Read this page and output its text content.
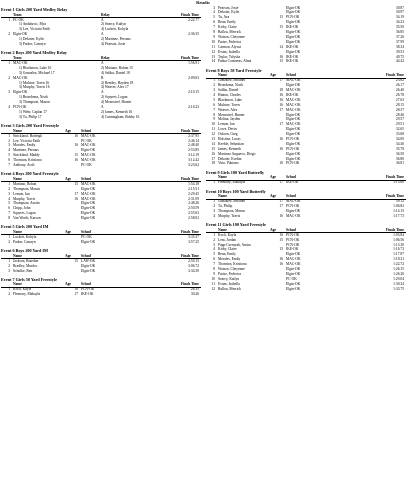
Results
Event 1 Girls 200 Yard Medley Relay
Team	Relay	Finals Time
1 PC-OK	A	2:22.77
1) Andaluvic, Mya	2) Searcy, Katlyn
3) Lee, Victoria Faith	4) Luckett, Kohyla
2 Elgin-OK	A	2:36.35
1) Dekoter, Kylie	2) Martinez, Persaus
3) Parker, Camryn	4) Pearson, Josie
Event 2 Boys 200 Yard Medley Relay
Team	Relay	Finals Time
1 MAC-OK	A	1:56.91
1) Blackmon, Luke 16	2) Mariano, Rohan 15
3) Gonzalez, Michael 17	4) Saliba, Daniel 18
2 MAC-OK	B	2:09.63
1) Mulrine, Toren 16	2) Bentley, Hayden 18
3) Murphy, Travis 16	4) Weaver, Alex 17
3 Elgin-OK	A	2:10.15
1) Brondoma, Noah	2) Squyres, Logan
3) Thompson, Mason	4) Monostrel, Hunter
4 PCN-OK	A	2:16.23
1) Wehr, Caplan 17	2) James, Kenneth 16
3) Tu, Philip 17	4) Cunningham, Bobby 16
Event 3 Girls 200 Yard Freestyle
Name	Age	School	Finals Time
1 Strickland, Harleigh	16 MAC-OK	2:37.95
2 Lee, Victoria Faith	PC-OK	2:46.14
3 Morales, Emily	16 MAC-OK	2:48.40
4 Martinez, Persaus	Elgin-OK	2:53.85
5 Strickland, Maddy	15 MAC-OK	3:12.19
6 Thornton, Kristiona	16 MAC-OK	3:12.42
7 Anthony, Aroli	PC-OK	3:23.62
Event 4 Boys 200 Yard Freestyle
Name	Age	School	Finals Time
1 Mariano, Rohan	15 MAC-OK	1:54.18
2 Thompson, Mason	Elgin-OK	2:15.51
3 Lemon, Ian	17 MAC-OK	2:29.45
4 Murphy, Travis	16 MAC-OK	2:31.09
5 Thompson, Austin	Elgin-OK	2:48.26
6 Chipp, John	Elgin-OK	2:50.59
7 Squyres, Logan	Elgin-OK	2:55.63
8 Van Worth, Karson	Elgin-OK	2:58.02
Event 5 Girls 200 Yard IM
Name	Age	School	Finals Time
1 Luckett, Kohyla	PC-OK	3:35.37
2 Parker, Camryn	Elgin-OK	3:57.25
Event 6 Boys 200 Yard IM
Name	Age	School	Finals Time
1 Jackson, Braedon	15 LAW-OK	2:50.15
2 Bradley, Murdoc	Elgin-OK	3:06.72
3 Schulke, Ben	Elgin-OK	3:34.50
Event 7 Girls 50 Yard Freestyle
Name	Age	School	Finals Time
1 Koch, Kayla	16 PCN-OK	28.35
2 Flenoury, Makayla	17 IKE-OK	30.26
3 Pearson, Josie	Elgin-OK	30.87
4 Dekoter, Kylie	Elgin-OK	30.97
5 Tu, Ava	15 PCN-OK	34.19
6 Bean, Emily	Elgin-OK	34.23
7 Kirby, Claire	15 IKE-OK	35.50
8 Ballou, Merrick	Elgin-OK	36.85
9 Watson, Cheyenne	Elgin-OK	37.26
10 Parise, Federica	Elgin-OK	37.99
11 Carmon, Alyssa	14 IKE-OK	38.34
12 Evans, Isabella	Elgin-OK	39.53
13 Taylor, Talysha	16 IKE-OK	40.75
14 Padua Contreras, Alma	15 IKE-OK	44.42
Event 8 Boys 50 Yard Freestyle
Name	Age	School	Finals Time
1 Gonzalez, Michael	17 MAC-OK	23.62
2 Brondoma, Noah	Elgin-OK	26.17
3 Saliba, Daniel	18 MAC-OK	26.40
4 Hinton, Charles	16 IKE-OK	26.78
5 Blackmon, Luke	16 MAC-OK	27.63
6 Mulrine, Toren	16 MAC-OK	28.15
7 Weaver, Alex	17 MAC-OK	28.37
8 Monostrel, Hunter	Elgin-OK	28.46
9 Molina, Jayden	Elgin-OK	29.57
10 Lemon, Ian	17 MAC-OK	29.51
11 Lowe, Devin	Elgin-OK	32.65
12 Osborn, Greg	Elgin-OK	33.68
13 Holstine, Lucas	16 PCN-OK	34.00
14 Keeble, Sebastian	Elgin-OK	34.40
15 James, Kenneth	16 PCN-OK	35.78
16 Martinez Anguevo, Diego	Elgin-OK	36.50
17 Dekoter, Korbin	Elgin-OK	36.80
18 Vitto, Pabiano	16 PCN-OK	36.81
Event 9 Girls 100 Yard Butterfly
Name	Age	School	Finals Time
1 Flenoury, Makayla	17 IKE-OK	1:15.00
Event 10 Boys 100 Yard Butterfly
Name	Age	School	Finals Time
1 Gonzalez, Michael	17 MAC-OK	59.12
2 Tu, Philip	17 PCN-OK	1:06.82
3 Thompson, Mason	Elgin-OK	1:14.15
4 Murphy, Travis	16 MAC-OK	1:17.73
Event 11 Girls 100 Yard Freestyle
Name	Age	School	Finals Time
1 Koch, Kayla	16 PCN-OK	1:03.84
2 Lent, Jordan	15 PCN-OK	1:06.56
3 Papp-Csernyak, Amira	PCN-OK	1:13.30
4 Kirby, Claire	15 IKE-OK	1:16.73
5 Bean, Emily	Elgin-OK	1:17.87
6 Morales, Emily	16 MAC-OK	1:18.21
7 Thornton, Kristiona	16 MAC-OK	1:22.72
8 Watson, Cheyenne	Elgin-OK	1:26.15
9 Parise, Federica	Elgin-OK	1:26.20
10 Searcy, Katlyn	PC-OK	1:29.04
11 Evans, Isabella	Elgin-OK	1:30.34
12 Ballou, Merrick	Elgin-OK	1:33.75
